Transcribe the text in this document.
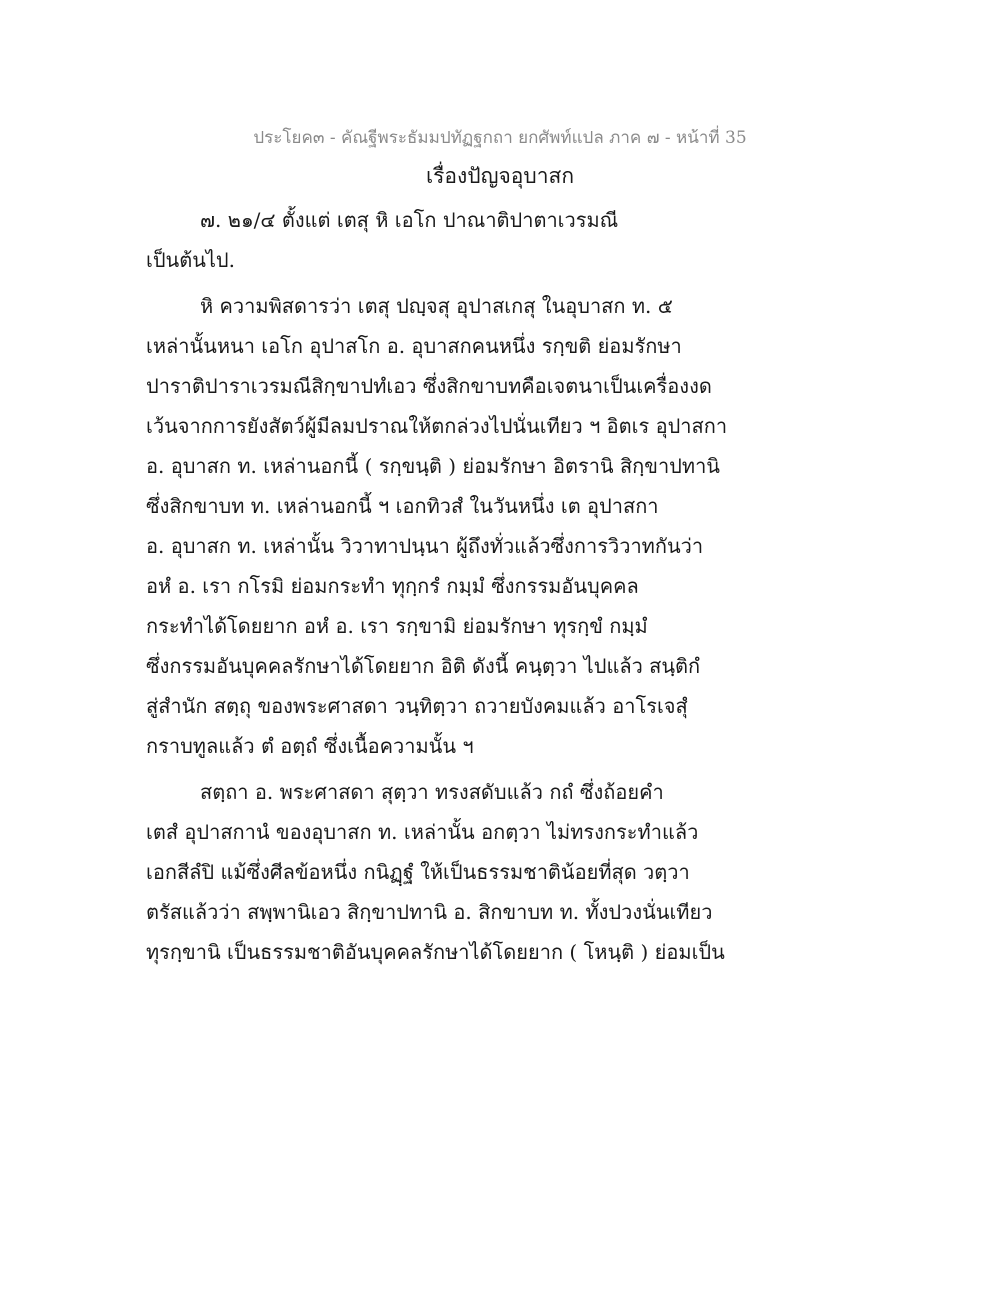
ประโยค๓ - คัณฐีพระธัมมปทัฏฐกถา ยกศัพท์แปล ภาค ๗ - หน้าที่ 35
เรื่องปัญจอุบาสก
๗. ๒๑/๔ ตั้งแต่ เตสุ หิ เอโก ปาณาติปาตาเวรมณี
เป็นต้นไป.
หิ ความพิสดารว่า เตสุ ปญฺจสุ อุปาสเกสุ ในอุบาสก ท. ๕
เหล่านั้นหนา เอโก อุปาสโก อ. อุบาสกคนหนึ่ง รกฺขติ ย่อมรักษา
ปาราติปาราเวรมณีสิกฺขาปทํเอว ซึ่งสิกขาบทคือเจตนาเป็นเครื่องงด
เว้นจากการยังสัตว์ผู้มีลมปราณให้ตกล่วงไปนั่นเทียว ฯ อิตเร อุปาสกา
อ. อุบาสก ท. เหล่านอกนี้ ( รกฺขนฺติ ) ย่อมรักษา อิตรานิ สิกฺขาปทานิ
ซึ่งสิกขาบท ท. เหล่านอกนี้ ฯ เอกทิวสํ ในวันหนึ่ง เต อุปาสกา
อ. อุบาสก ท. เหล่านั้น วิวาทาปนฺนา ผู้ถึงทั่วแล้วซึ่งการวิวาทกันว่า
อหํ อ. เรา กโรมิ ย่อมกระทำ ทุกฺกรํ กมฺมํ ซึ่งกรรมอันบุคคล
กระทำได้โดยยาก อหํ อ. เรา รกฺขามิ ย่อมรักษา ทุรกฺขํ กมฺมํ
ซึ่งกรรมอันบุคคลรักษาได้โดยยาก อิติ ดังนี้ คนฺตฺวา ไปแล้ว สนฺติกํ
สู่สำนัก สตฺถุ ของพระศาสดา วนฺทิตฺวา ถวายบังคมแล้ว อาโรเจสุํ
กราบทูลแล้ว ตํ อตฺถํ ซึ่งเนื้อความนั้น ฯ
สตฺถา อ. พระศาสดา สุตฺวา ทรงสดับแล้ว กถํ ซึ่งถ้อยคำ
เตสํ อุปาสกานํ ของอุบาสก ท. เหล่านั้น อกตฺวา ไม่ทรงกระทำแล้ว
เอกสีลํปิ แม้ซึ่งศีลข้อหนึ่ง กนิฏฺฐํ ให้เป็นธรรมชาติน้อยที่สุด วตฺวา
ตรัสแล้วว่า สพฺพานิเอว สิกฺขาปทานิ อ. สิกขาบท ท. ทั้งปวงนั่นเทียว
ทุรกฺขานิ เป็นธรรมชาติอันบุคคลรักษาได้โดยยาก ( โหนฺติ ) ย่อมเป็น
